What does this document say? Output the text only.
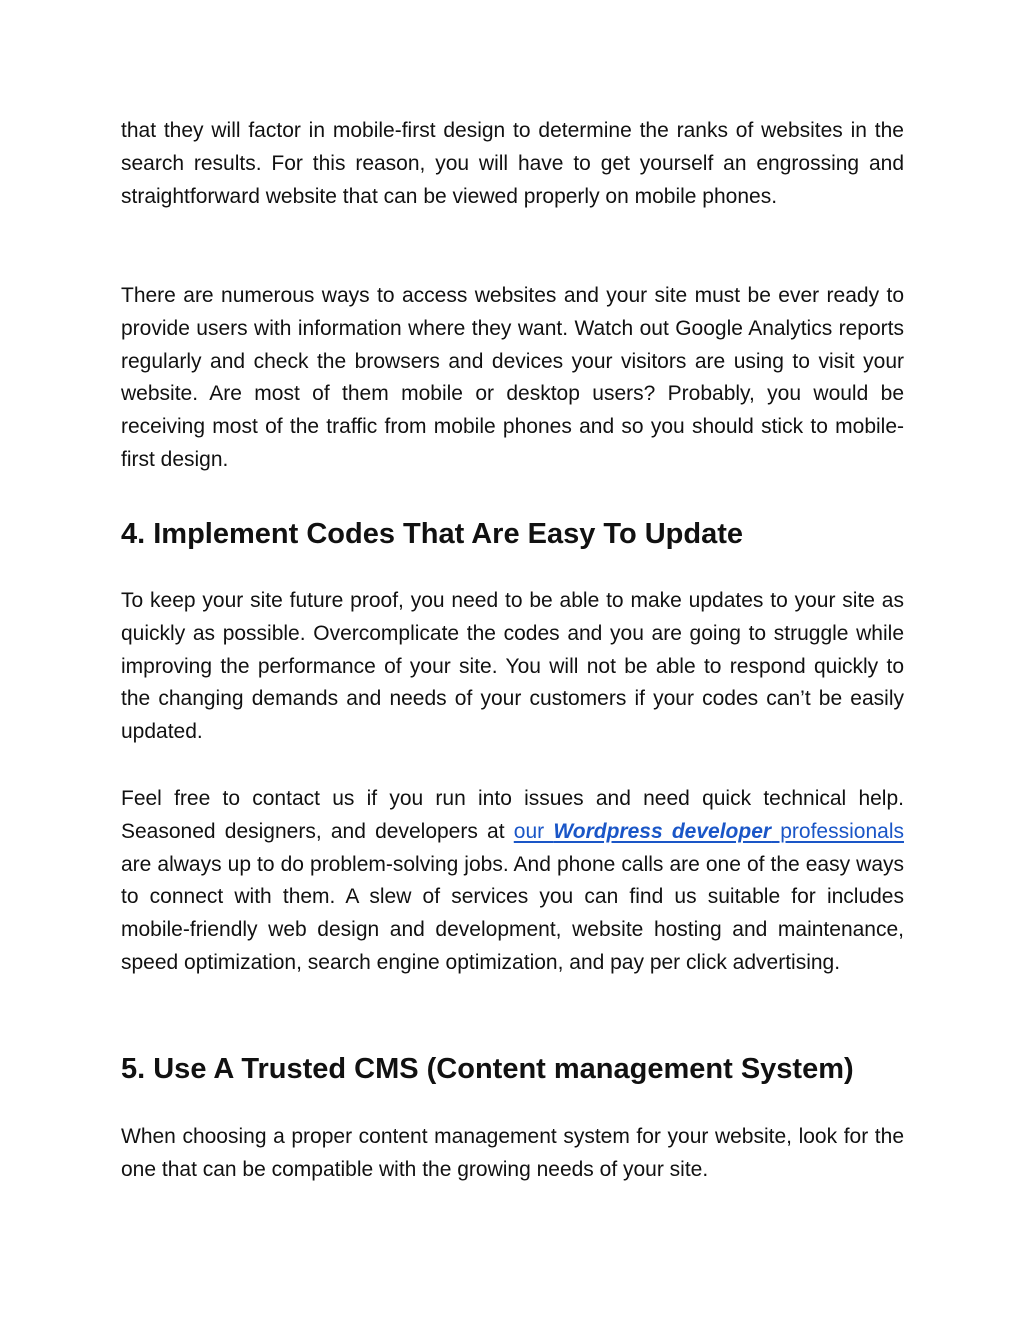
that they will factor in mobile-first design to determine the ranks of websites in the search results. For this reason, you will have to get yourself an engrossing and straightforward website that can be viewed properly on mobile phones.

There are numerous ways to access websites and your site must be ever ready to provide users with information where they want. Watch out Google Analytics reports regularly and check the browsers and devices your visitors are using to visit your website. Are most of them mobile or desktop users? Probably, you would be receiving most of the traffic from mobile phones and so you should stick to mobile-first design.

4. Implement Codes That Are Easy To Update

To keep your site future proof, you need to be able to make updates to your site as quickly as possible. Overcomplicate the codes and you are going to struggle while improving the performance of your site. You will not be able to respond quickly to the changing demands and needs of your customers if your codes can’t be easily updated.

Feel free to contact us if you run into issues and need quick technical help. Seasoned designers, and developers at our Wordpress developer professionals are always up to do problem-solving jobs. And phone calls are one of the easy ways to connect with them. A slew of services you can find us suitable for includes mobile-friendly web design and development, website hosting and maintenance, speed optimization, search engine optimization, and pay per click advertising.

5. Use A Trusted CMS (Content management System)

When choosing a proper content management system for your website, look for the one that can be compatible with the growing needs of your site.
